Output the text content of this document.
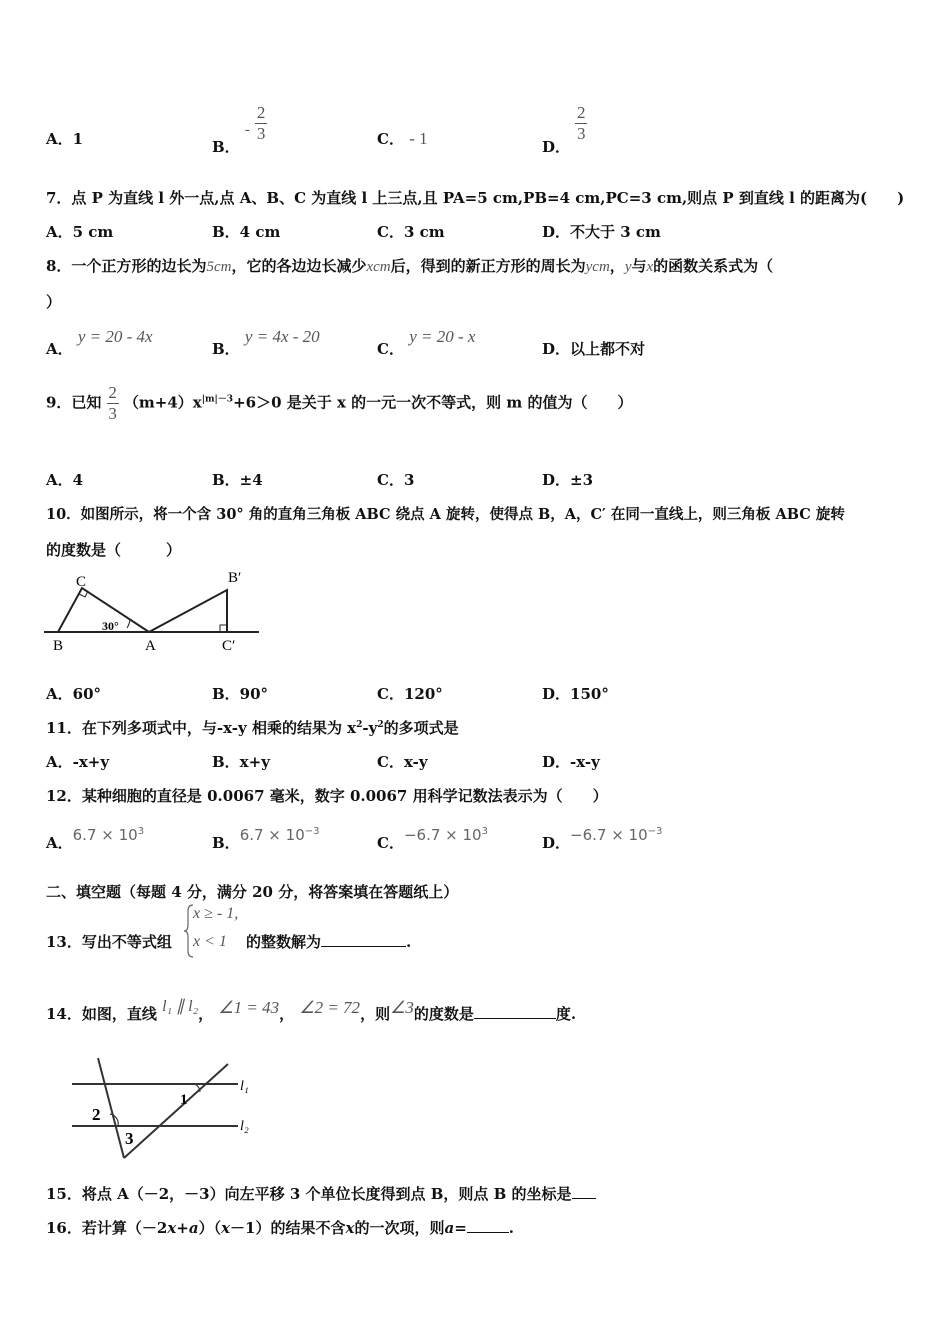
A．1	B． - $\frac{2}{3}$	C． - 1	D．
$\frac{2}{3}$
7．点 P 为直线 l 外一点,点 A、B、C 为直线 l 上三点,且 PA=5 cm,PB=4 cm,PC=3 cm,则点 P 到直线 l 的距离为(　　)
A．5 cm	B．4 cm	C．3 cm	D．不大于 3 cm
8．一个正方形的边长为5cm，它的各边边长减少xcm后，得到的新正方形的周长为ycm，y与x的函数关系式为（
）
A． y = 20 - 4x
B． y = 4x - 20
C． y = 20 - x
D．以上都不对
9．已知 $\frac{2}{3} (m+4)x^{|m|-3}+6>0$ 是关于 x 的一元一次不等式，则 m 的值为（　　）
A．4	B．±4	C．3	D．±3
10．如图所示，将一个含 30° 角的直角三角板 ABC 绕点 A 旋转，使得点 B，A，C′ 在同一直线上，则三角板 ABC 旋转
的度数是（　　　）
C
B	A
B′
C′
30°
A．60°	B．90°	C．120°	D．150°
11．在下列多项式中，与-x-y 相乘的结果为 $x^2-y^2$的多项式是
A．-x+y	B．x+y	C．x-y	D．-x-y
12．某种细胞的直径是 0.0067 毫米，数字 0.0067 用科学记数法表示为（　　）
A．$6.7 \times 10^3$
B．$6.7 \times 10^{-3}$
C．$-6.7 \times 10^3$
D．$-6.7 \times 10^{-3}$
二、填空题（每题 4 分，满分 20 分，将答案填在答题纸上）
13．写出不等式组
x ≥ - 1,
x < 1 的整数解为	.
14．如图，直线 l₁ ∥ l₂， ∠1 = 43， ∠2 = 72，则∠3的度数是	度.
2
1
3
l₁
l₂
15．将点 A（－2，－3）向左平移 3 个单位长度得到点 B，则点 B 的坐标是
16．若计算（－2x+a）（x－1）的结果不含x的一次项，则a=	.
